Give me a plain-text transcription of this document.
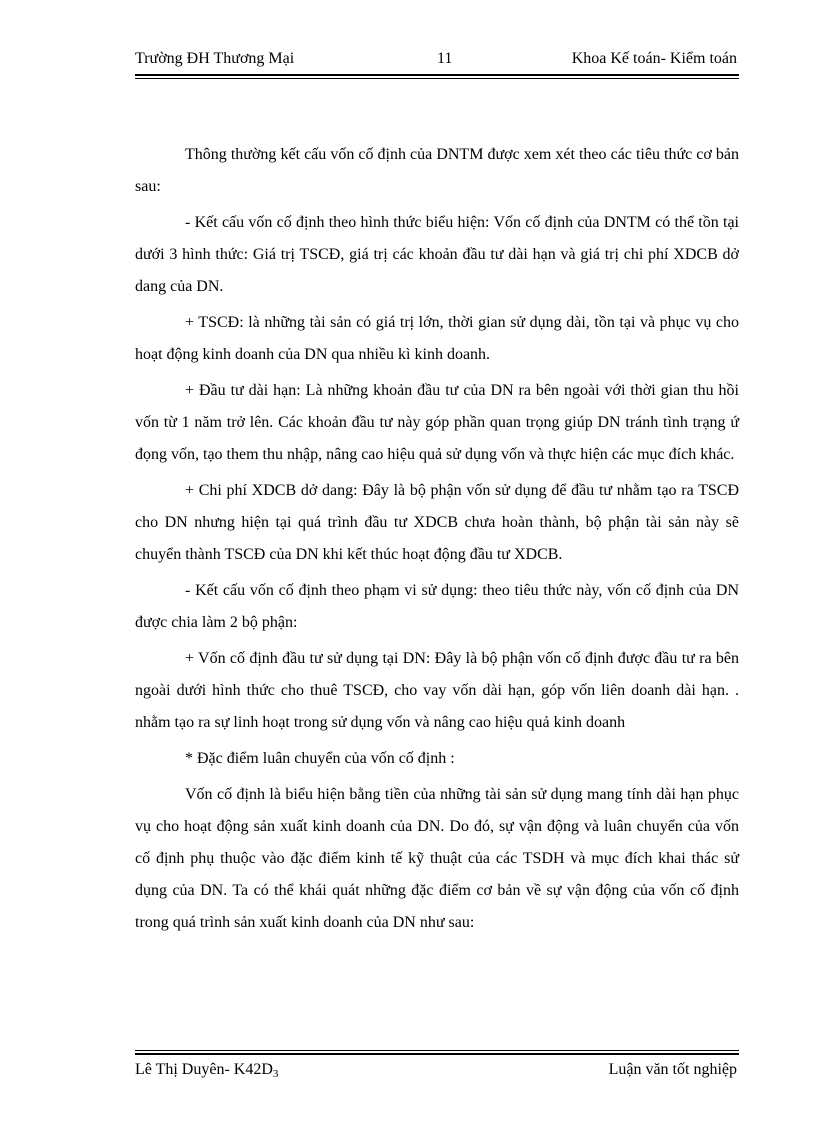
Trường ĐH Thương Mại	11	Khoa Kế toán- Kiểm toán

Thông thường kết cấu vốn cố định của DNTM được xem xét theo các tiêu thức cơ bản sau:

- Kết cấu vốn cố định theo hình thức biểu hiện: Vốn cố định của DNTM có thể tồn tại dưới 3 hình thức: Giá trị TSCĐ, giá trị các khoản đầu tư dài hạn và giá trị chi phí XDCB dở dang của DN.

+ TSCĐ: là những tài sản có giá trị lớn, thời gian sử dụng dài, tồn tại và phục vụ cho hoạt động kinh doanh của DN qua nhiều kì kinh doanh.

+ Đầu tư dài hạn: Là những khoản đầu tư của DN ra bên ngoài với thời gian thu hồi vốn từ 1 năm trở lên. Các khoản đầu tư này góp phần quan trọng giúp DN tránh tình trạng ứ đọng vốn, tạo them thu nhập, nâng cao hiệu quả sử dụng vốn và thực hiện các mục đích khác.

+ Chi phí XDCB dở dang: Đây là bộ phận vốn sử dụng để đầu tư nhằm tạo ra TSCĐ cho DN nhưng hiện tại quá trình đầu tư XDCB chưa hoàn thành, bộ phận tài sản này sẽ chuyển thành TSCĐ của DN khi kết thúc hoạt động đầu tư XDCB.

- Kết cấu vốn cố định theo phạm vi sử dụng: theo tiêu thức này, vốn cố định của DN được chia làm 2 bộ phận:

+ Vốn cố định đầu tư sử dụng tại DN: Đây là bộ phận vốn cố định được đầu tư ra bên ngoài dưới hình thức cho thuê TSCĐ, cho vay vốn dài hạn, góp vốn liên doanh dài hạn. . nhằm tạo ra sự linh hoạt trong sử dụng vốn và nâng cao hiệu quả kinh doanh

* Đặc điểm luân chuyển của vốn cố định :

Vốn cố định là biểu hiện bằng tiền của những tài sản sử dụng mang tính dài hạn phục vụ cho hoạt động sản xuất kinh doanh của DN. Do đó, sự vận động và luân chuyển của vốn cố định phụ thuộc vào đặc điểm kinh tế kỹ thuật của các TSDH và mục đích khai thác sử dụng của DN. Ta có thể khái quát những đặc điểm cơ bản về sự vận động của vốn cố định trong quá trình sản xuất kinh doanh của DN như sau:

Lê Thị Duyên- $K42D_3$	Luận văn tốt nghiệp
